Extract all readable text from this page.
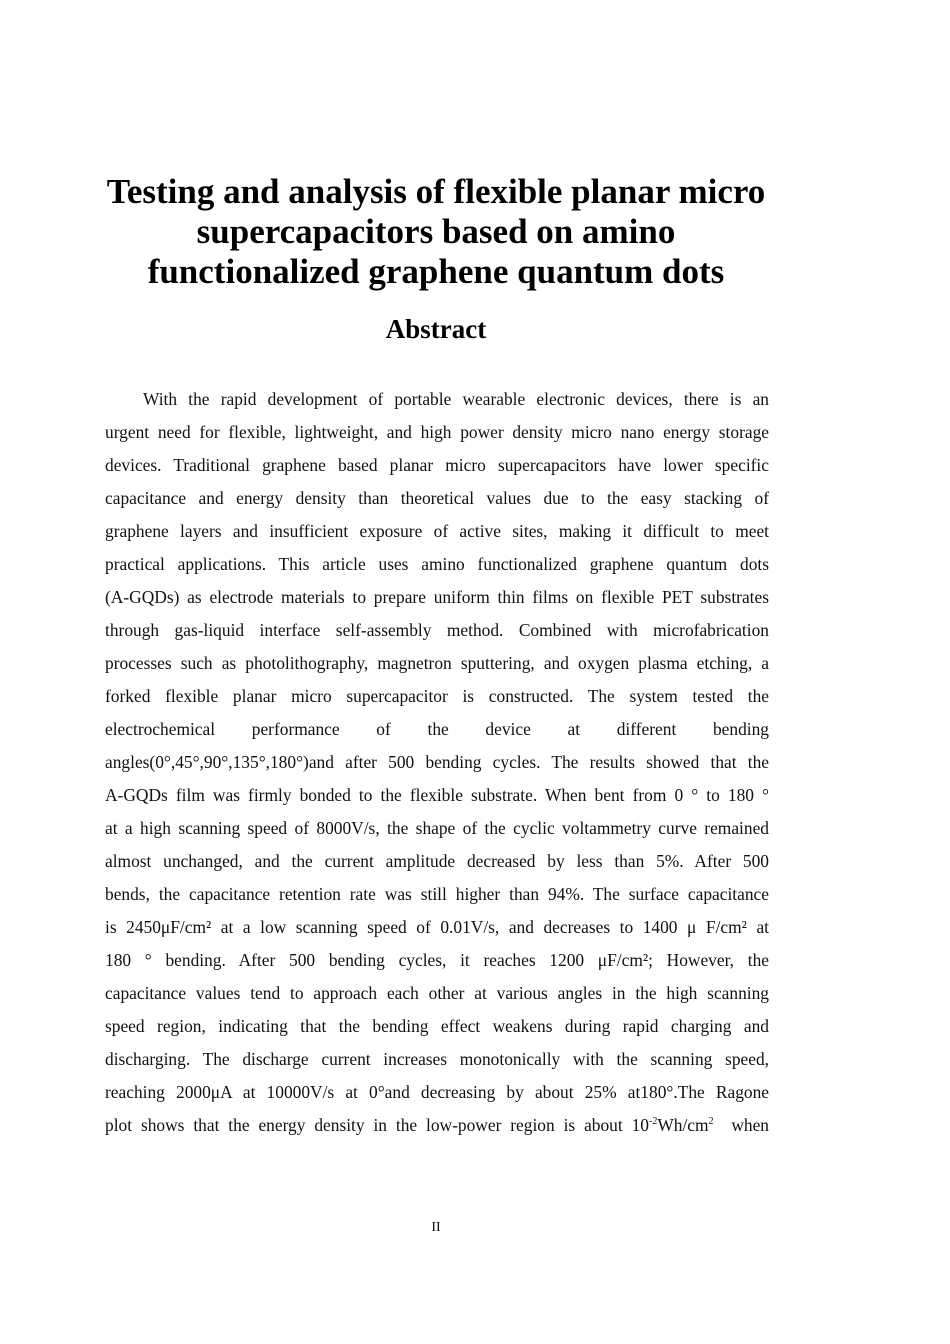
Testing and analysis of flexible planar micro
supercapacitors based on amino
functionalized graphene quantum dots
Abstract
With the rapid development of portable wearable electronic devices, there is an
urgent need for flexible, lightweight, and high power density micro nano energy storage
devices. Traditional graphene based planar micro supercapacitors have lower specific
capacitance and energy density than theoretical values due to the easy stacking of
graphene layers and insufficient exposure of active sites, making it difficult to meet
practical applications. This article uses amino functionalized graphene quantum dots
(A-GQDs) as electrode materials to prepare uniform thin films on flexible PET substrates
through gas-liquid interface self-assembly method. Combined with microfabrication
processes such as photolithography, magnetron sputtering, and oxygen plasma etching, a
forked flexible planar micro supercapacitor is constructed. The system tested the
electrochemical performance of the device at different bending
angles(0°,45°,90°,135°,180°)and after 500 bending cycles. The results showed that the
A-GQDs film was firmly bonded to the flexible substrate. When bent from 0 ° to 180 °
at a high scanning speed of 8000V/s, the shape of the cyclic voltammetry curve remained
almost unchanged, and the current amplitude decreased by less than 5%. After 500
bends, the capacitance retention rate was still higher than 94%. The surface capacitance
is 2450μF/cm² at a low scanning speed of 0.01V/s, and decreases to 1400 μ F/cm² at
180 ° bending. After 500 bending cycles, it reaches 1200 μF/cm²; However, the
capacitance values tend to approach each other at various angles in the high scanning
speed region, indicating that the bending effect weakens during rapid charging and
discharging. The discharge current increases monotonically with the scanning speed,
reaching 2000μA at 10000V/s at 0°and decreasing by about 25% at180°.The Ragone
plot shows that the energy density in the low-power region is about $10^{-2}Wh/cm^2$  when
II
